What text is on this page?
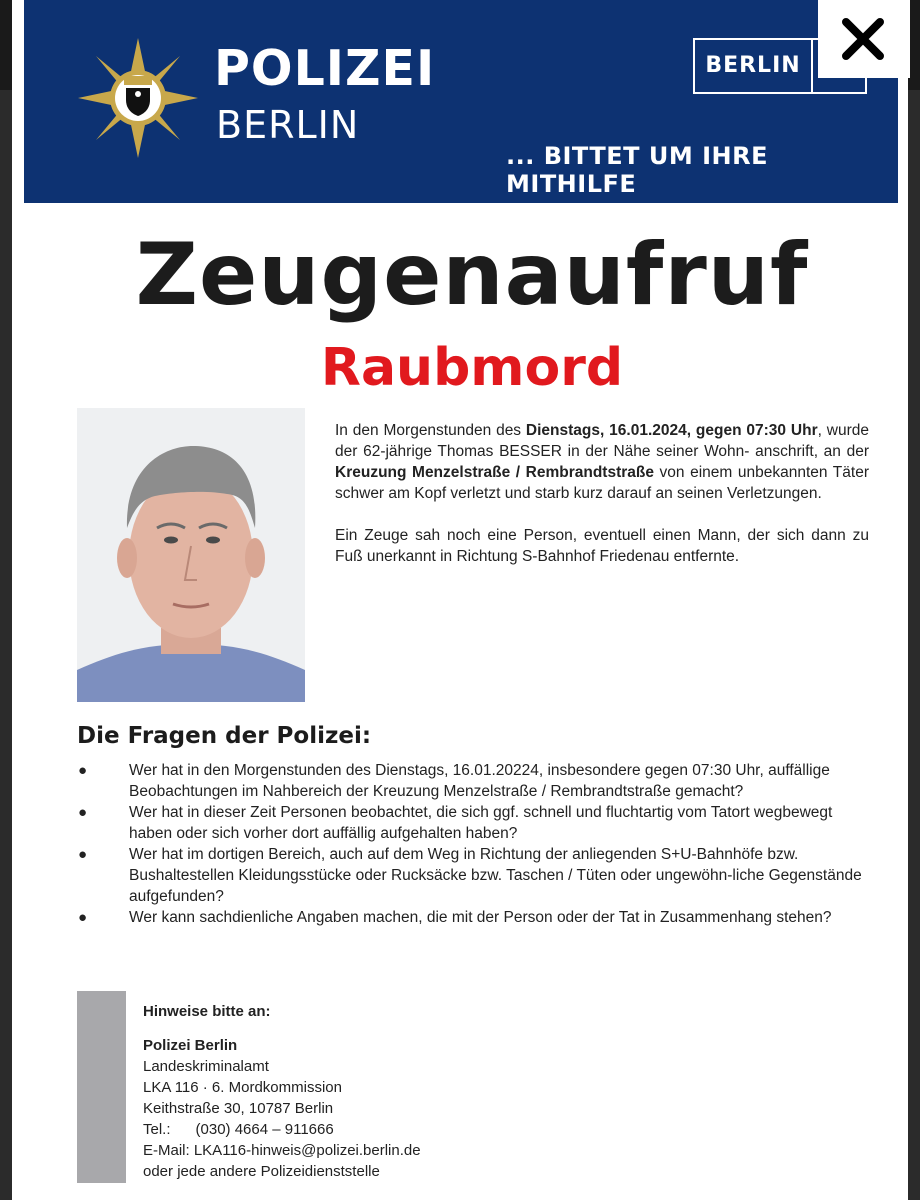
POLIZEI
BERLIN
BERLIN
... BITTET UM IHRE MITHILFE
Zeugenaufruf
Raubmord

In den Morgenstunden des Dienstags, 16.01.2024, gegen 07:30 Uhr, wurde der 62-jährige Thomas BESSER in der Nähe seiner Wohn- anschrift, an der Kreuzung Menzelstraße / Rembrandtstraße von einem unbekannten Täter schwer am Kopf verletzt und starb kurz darauf an seinen Verletzungen.

Ein Zeuge sah noch eine Person, eventuell einen Mann, der sich dann zu Fuß unerkannt in Richtung S-Bahnhof Friedenau entfernte.

Die Fragen der Polizei:
●	Wer hat in den Morgenstunden des Dienstags, 16.01.20224, insbesondere gegen 07:30 Uhr, auffällige Beobachtungen im Nahbereich der Kreuzung Menzelstraße / Rembrandtstraße gemacht?
●	Wer hat in dieser Zeit Personen beobachtet, die sich ggf. schnell und fluchtartig vom Tatort wegbewegt haben oder sich vorher dort auffällig aufgehalten haben?
●	Wer hat im dortigen Bereich, auch auf dem Weg in Richtung der anliegenden S+U-Bahnhöfe bzw. Bushaltestellen Kleidungsstücke oder Rucksäcke bzw. Taschen / Tüten oder ungewöhn-liche Gegenstände aufgefunden?
●	Wer kann sachdienliche Angaben machen, die mit der Person oder der Tat in Zusammenhang stehen?
Hinweise bitte an:
Polizei Berlin
Landeskriminalamt
LKA 116 · 6. Mordkommission
Keithstraße 30, 10787 Berlin
Tel.:      (030) 4664 – 911666
E-Mail: LKA116-hinweis@polizei.berlin.de
oder jede andere Polizeidienststelle
